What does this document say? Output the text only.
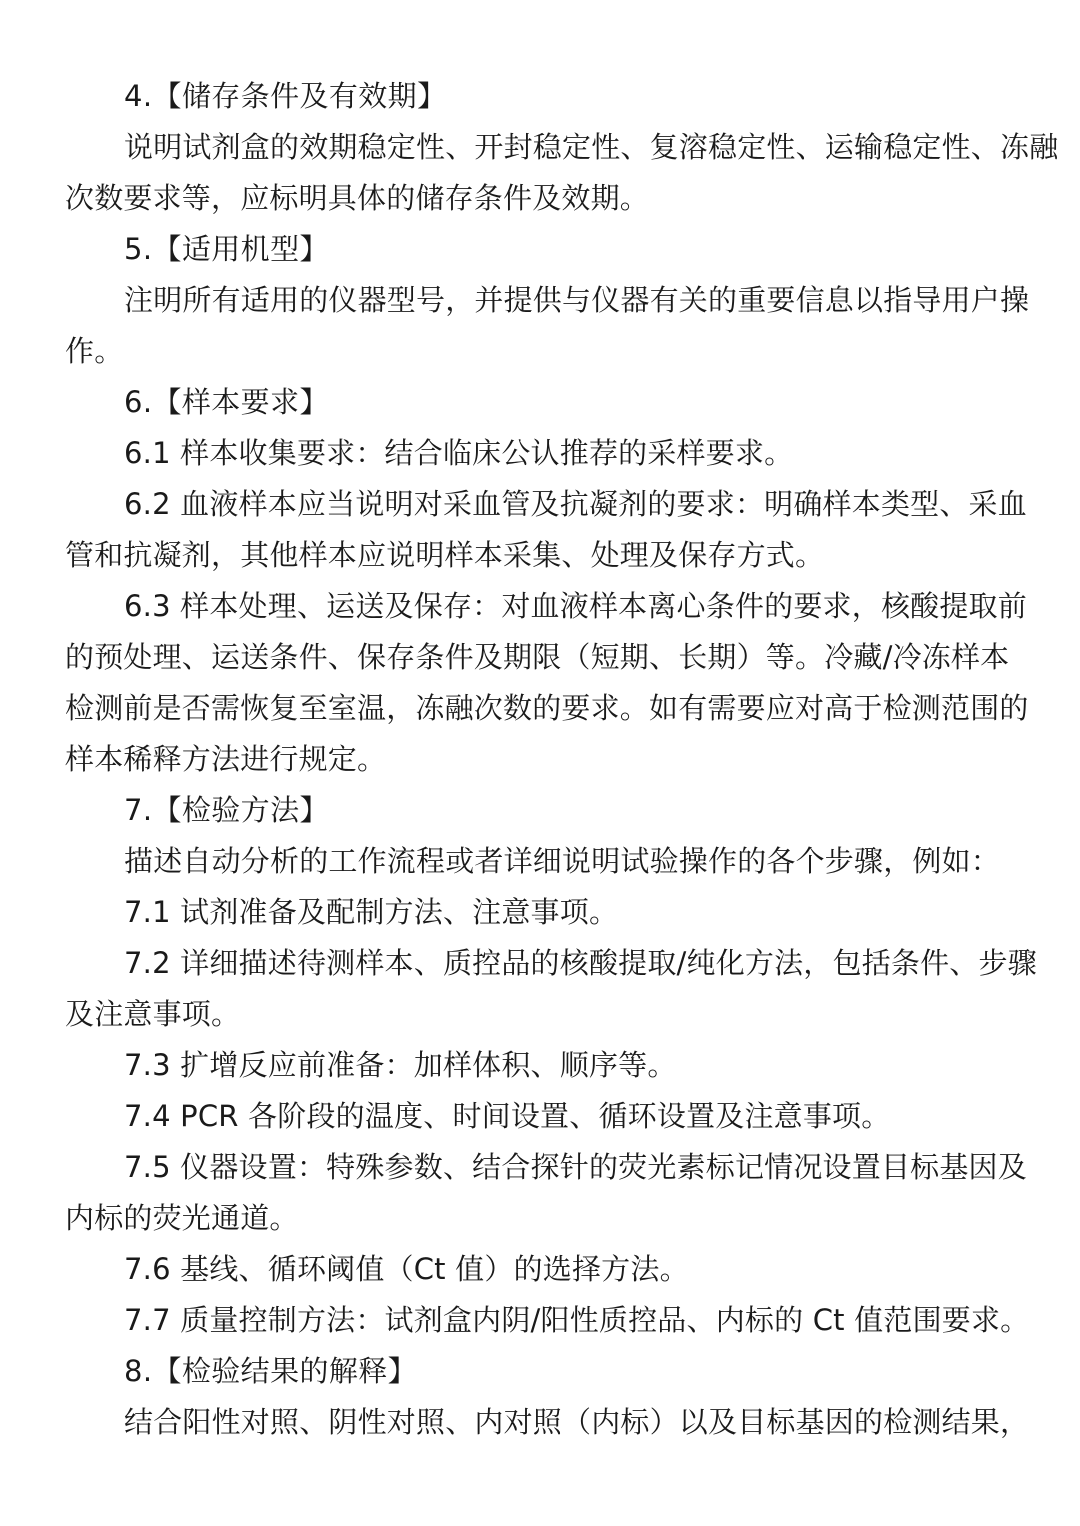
4.【储存条件及有效期】
说明试剂盒的效期稳定性、开封稳定性、复溶稳定性、运输稳定性、冻融
次数要求等，应标明具体的储存条件及效期。
5.【适用机型】
注明所有适用的仪器型号，并提供与仪器有关的重要信息以指导用户操
作。
6.【样本要求】
6.1 样本收集要求：结合临床公认推荐的采样要求。
6.2 血液样本应当说明对采血管及抗凝剂的要求：明确样本类型、采血
管和抗凝剂，其他样本应说明样本采集、处理及保存方式。
6.3 样本处理、运送及保存：对血液样本离心条件的要求，核酸提取前
的预处理、运送条件、保存条件及期限（短期、长期）等。冷藏/冷冻样本
检测前是否需恢复至室温，冻融次数的要求。如有需要应对高于检测范围的
样本稀释方法进行规定。
7.【检验方法】
描述自动分析的工作流程或者详细说明试验操作的各个步骤，例如：
7.1 试剂准备及配制方法、注意事项。
7.2 详细描述待测样本、质控品的核酸提取/纯化方法，包括条件、步骤
及注意事项。
7.3 扩增反应前准备：加样体积、顺序等。
7.4 PCR 各阶段的温度、时间设置、循环设置及注意事项。
7.5 仪器设置：特殊参数、结合探针的荧光素标记情况设置目标基因及
内标的荧光通道。
7.6 基线、循环阈值（Ct 值）的选择方法。
7.7 质量控制方法：试剂盒内阴/阳性质控品、内标的 Ct 值范围要求。
8.【检验结果的解释】
结合阳性对照、阴性对照、内对照（内标）以及目标基因的检测结果，
